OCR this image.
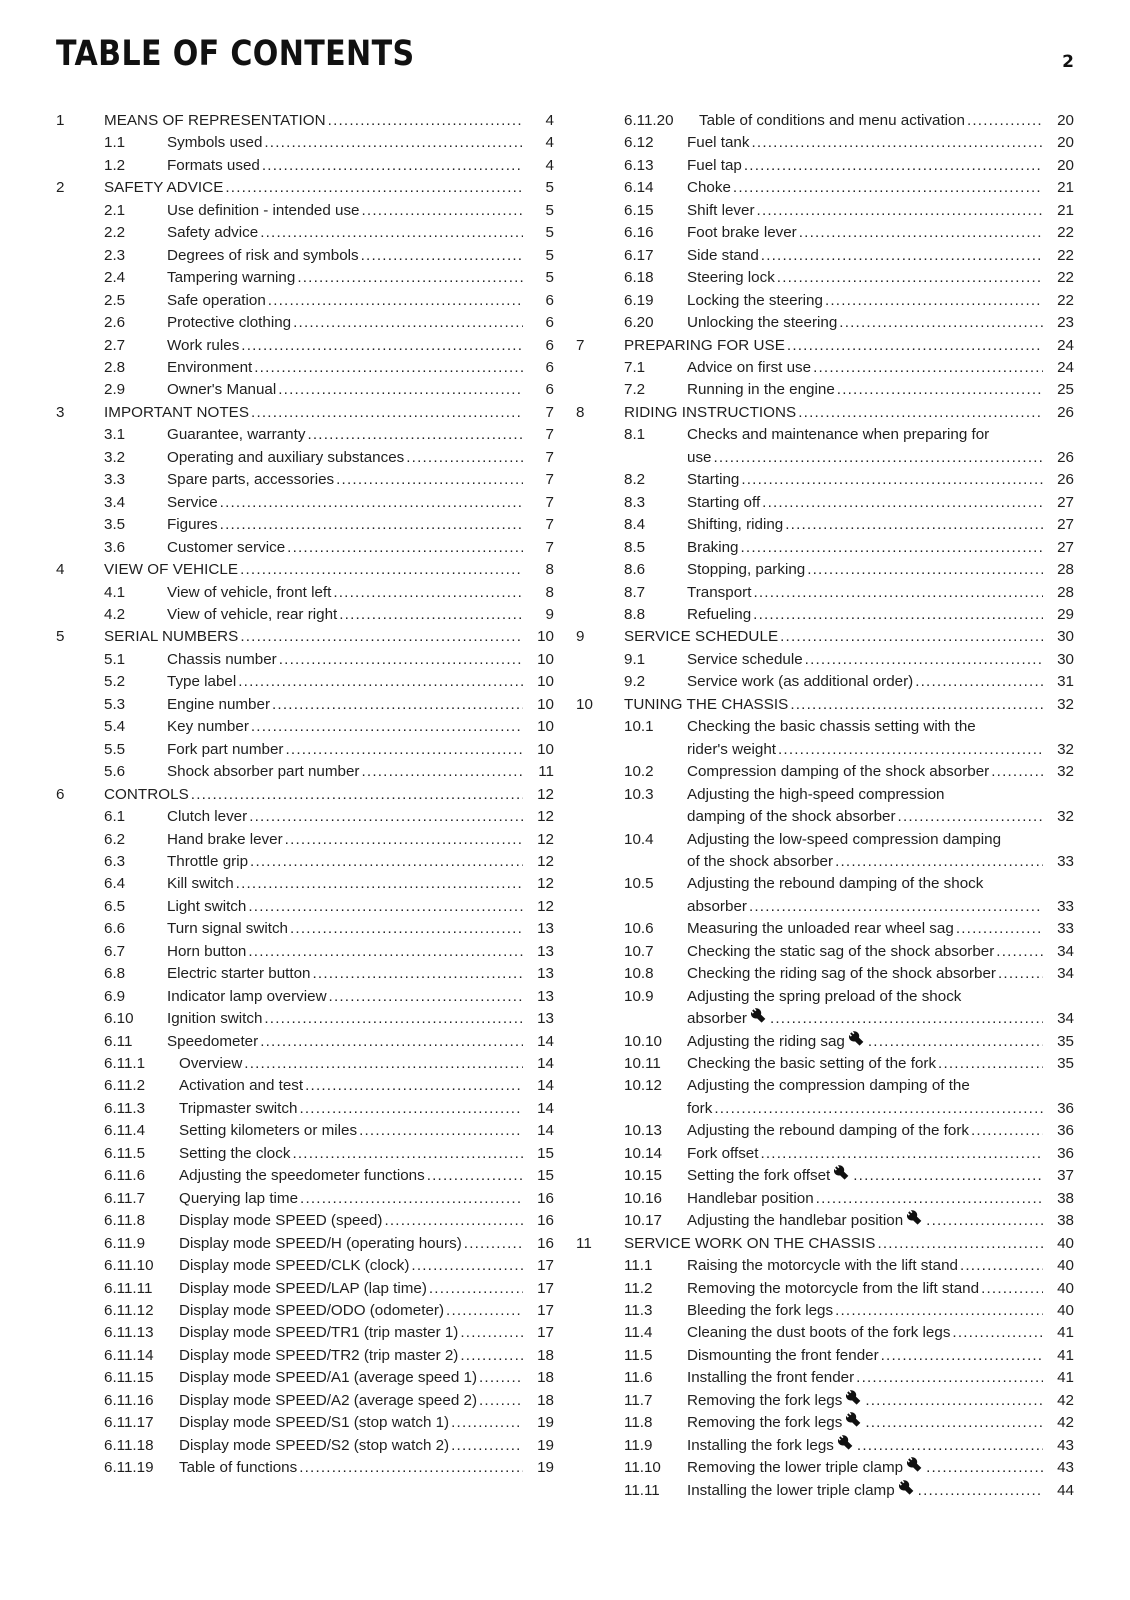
TABLE OF CONTENTS	2
1	MEANS OF REPRESENTATION .....	4
1.1	Symbols used .....	4
1.2	Formats used .....	4
2	SAFETY ADVICE .....	5
2.1	Use definition - intended use .....	5
2.2	Safety advice .....	5
2.3	Degrees of risk and symbols .....	5
2.4	Tampering warning .....	5
2.5	Safe operation .....	6
2.6	Protective clothing .....	6
2.7	Work rules .....	6
2.8	Environment .....	6
2.9	Owner's Manual .....	6
3	IMPORTANT NOTES .....	7
3.1	Guarantee, warranty .....	7
3.2	Operating and auxiliary substances .....	7
3.3	Spare parts, accessories .....	7
3.4	Service .....	7
3.5	Figures .....	7
3.6	Customer service .....	7
4	VIEW OF VEHICLE .....	8
4.1	View of vehicle, front left .....	8
4.2	View of vehicle, rear right .....	9
5	SERIAL NUMBERS .....	10
5.1	Chassis number .....	10
5.2	Type label .....	10
5.3	Engine number .....	10
5.4	Key number .....	10
5.5	Fork part number .....	10
5.6	Shock absorber part number .....	11
6	CONTROLS .....	12
6.1	Clutch lever .....	12
6.2	Hand brake lever .....	12
6.3	Throttle grip .....	12
6.4	Kill switch .....	12
6.5	Light switch .....	12
6.6	Turn signal switch .....	13
6.7	Horn button .....	13
6.8	Electric starter button .....	13
6.9	Indicator lamp overview .....	13
6.10	Ignition switch .....	13
6.11	Speedometer .....	14
6.11.1	Overview .....	14
6.11.2	Activation and test .....	14
6.11.3	Tripmaster switch .....	14
6.11.4	Setting kilometers or miles .....	14
6.11.5	Setting the clock .....	15
6.11.6	Adjusting the speedometer functions .....	15
6.11.7	Querying lap time .....	16
6.11.8	Display mode SPEED (speed) .....	16
6.11.9	Display mode SPEED/H (operating hours) .....	16
6.11.10	Display mode SPEED/CLK (clock) .....	17
6.11.11	Display mode SPEED/LAP (lap time) .....	17
6.11.12	Display mode SPEED/ODO (odometer) .....	17
6.11.13	Display mode SPEED/TR1 (trip master 1) .....	17
6.11.14	Display mode SPEED/TR2 (trip master 2) .....	18
6.11.15	Display mode SPEED/A1 (average speed 1) .....	18
6.11.16	Display mode SPEED/A2 (average speed 2) .....	18
6.11.17	Display mode SPEED/S1 (stop watch 1) .....	19
6.11.18	Display mode SPEED/S2 (stop watch 2) .....	19
6.11.19	Table of functions .....	19
6.11.20	Table of conditions and menu activation .....	20
6.12	Fuel tank .....	20
6.13	Fuel tap .....	20
6.14	Choke .....	21
6.15	Shift lever .....	21
6.16	Foot brake lever .....	22
6.17	Side stand .....	22
6.18	Steering lock .....	22
6.19	Locking the steering .....	22
6.20	Unlocking the steering .....	23
7	PREPARING FOR USE .....	24
7.1	Advice on first use .....	24
7.2	Running in the engine .....	25
8	RIDING INSTRUCTIONS .....	26
8.1	Checks and maintenance when preparing for
use .....	26
8.2	Starting .....	26
8.3	Starting off .....	27
8.4	Shifting, riding .....	27
8.5	Braking .....	27
8.6	Stopping, parking .....	28
8.7	Transport .....	28
8.8	Refueling .....	29
9	SERVICE SCHEDULE .....	30
9.1	Service schedule .....	30
9.2	Service work (as additional order) .....	31
10	TUNING THE CHASSIS .....	32
10.1	Checking the basic chassis setting with the
rider's weight .....	32
10.2	Compression damping of the shock absorber .....	32
10.3	Adjusting the high-speed compression
damping of the shock absorber .....	32
10.4	Adjusting the low-speed compression damping
of the shock absorber .....	33
10.5	Adjusting the rebound damping of the shock
absorber .....	33
10.6	Measuring the unloaded rear wheel sag .....	33
10.7	Checking the static sag of the shock absorber .....	34
10.8	Checking the riding sag of the shock absorber .....	34
10.9	Adjusting the spring preload of the shock
absorber .....	34
10.10	Adjusting the riding sag .....	35
10.11	Checking the basic setting of the fork .....	35
10.12	Adjusting the compression damping of the
fork .....	36
10.13	Adjusting the rebound damping of the fork .....	36
10.14	Fork offset .....	36
10.15	Setting the fork offset .....	37
10.16	Handlebar position .....	38
10.17	Adjusting the handlebar position .....	38
11	SERVICE WORK ON THE CHASSIS .....	40
11.1	Raising the motorcycle with the lift stand .....	40
11.2	Removing the motorcycle from the lift stand .....	40
11.3	Bleeding the fork legs .....	40
11.4	Cleaning the dust boots of the fork legs .....	41
11.5	Dismounting the front fender .....	41
11.6	Installing the front fender .....	41
11.7	Removing the fork legs .....	42
11.8	Removing the fork legs .....	42
11.9	Installing the fork legs .....	43
11.10	Removing the lower triple clamp .....	43
11.11	Installing the lower triple clamp .....	44
